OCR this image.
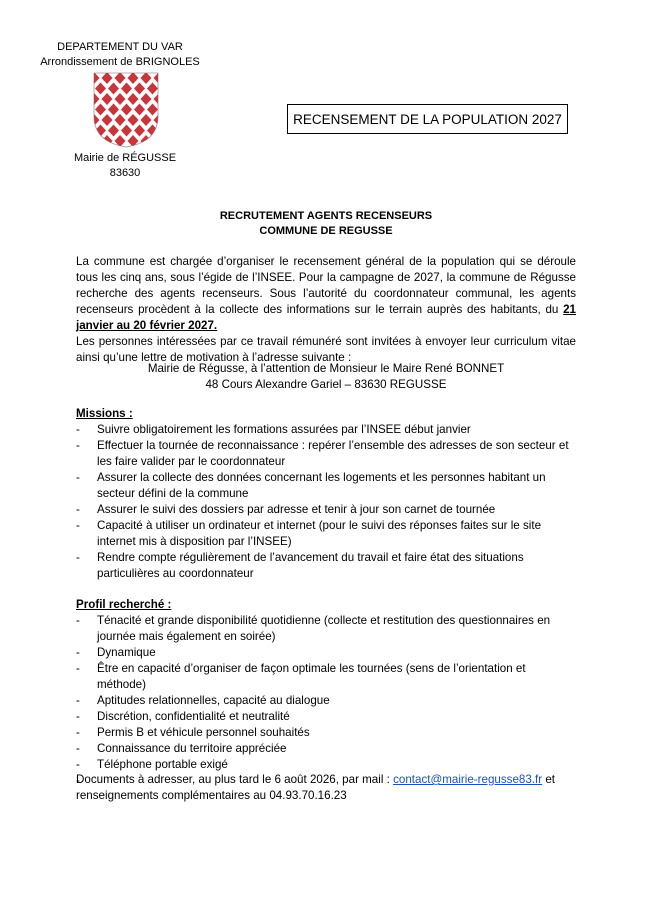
DEPARTEMENT DU VAR
Arrondissement de BRIGNOLES
Mairie de RÉGUSSE
83630
RECENSEMENT DE LA POPULATION 2027
RECRUTEMENT AGENTS RECENSEURS
COMMUNE DE REGUSSE

La commune est chargée d’organiser le recensement général de la population qui se déroule tous les cinq ans, sous l’égide de l’INSEE. Pour la campagne de 2027, la commune de Régusse recherche des agents recenseurs. Sous l’autorité du coordonnateur communal, les agents recenseurs procèdent à la collecte des informations sur le terrain auprès des habitants, du 21 janvier au 20 février 2027.

Les personnes intéressées par ce travail rémunéré sont invitées à envoyer leur curriculum vitae ainsi qu’une lettre de motivation à l’adresse suivante :

Mairie de Régusse, à l’attention de Monsieur le Maire René BONNET
48 Cours Alexandre Gariel – 83630 REGUSSE

Missions :

- Suivre obligatoirement les formations assurées par l’INSEE début janvier
- Effectuer la tournée de reconnaissance : repérer l’ensemble des adresses de son secteur et les faire valider par le coordonnateur
- Assurer la collecte des données concernant les logements et les personnes habitant un secteur défini de la commune
- Assurer le suivi des dossiers par adresse et tenir à jour son carnet de tournée
- Capacité à utiliser un ordinateur et internet (pour le suivi des réponses faites sur le site internet mis à disposition par l’INSEE)
- Rendre compte régulièrement de l’avancement du travail et faire état des situations particulières au coordonnateur

Profil recherché :

- Ténacité et grande disponibilité quotidienne (collecte et restitution des questionnaires en journée mais également en soirée)
- Dynamique
- Être en capacité d’organiser de façon optimale les tournées (sens de l’orientation et méthode)
- Aptitudes relationnelles, capacité au dialogue
- Discrétion, confidentialité et neutralité
- Permis B et véhicule personnel souhaités
- Connaissance du territoire appréciée
- Téléphone portable exigé
-
Documents à adresser, au plus tard le 6 août 2026, par mail : contact@mairie-regusse83.fr et renseignements complémentaires au 04.93.70.16.23
